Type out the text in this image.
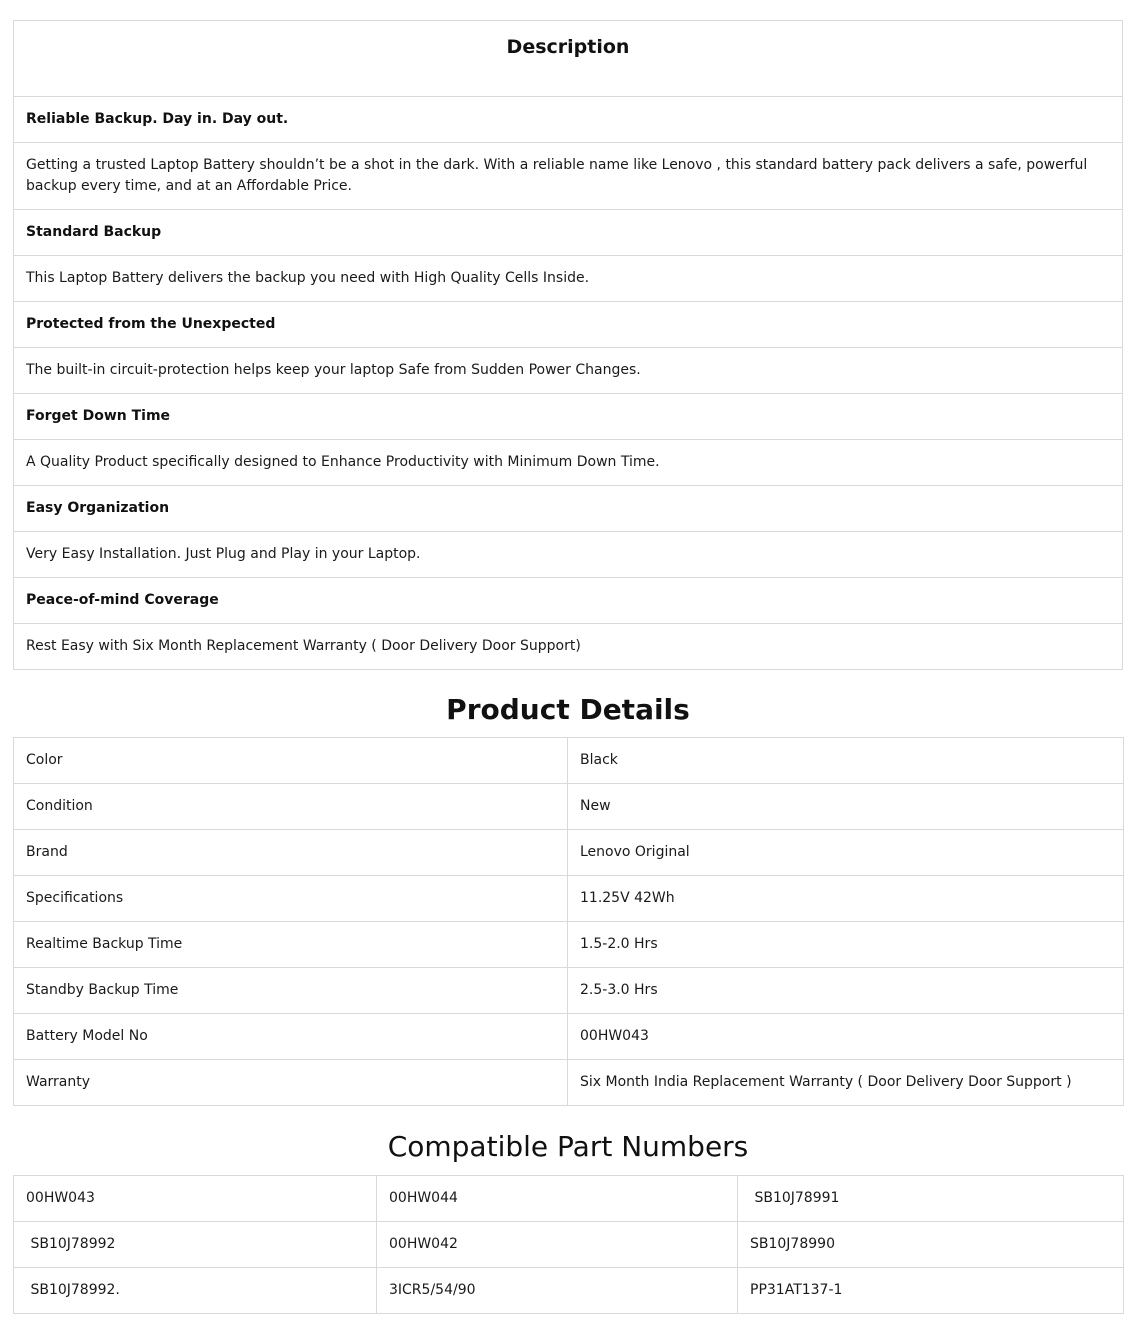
Description

Reliable Backup. Day in. Day out.
Getting a trusted Laptop Battery shouldn’t be a shot in the dark. With a reliable name like Lenovo , this standard battery pack delivers a safe, powerful backup every time, and at an Affordable Price.
Standard Backup
This Laptop Battery delivers the backup you need with High Quality Cells Inside.
Protected from the Unexpected
The built-in circuit-protection helps keep your laptop Safe from Sudden Power Changes.
Forget Down Time
A Quality Product specifically designed to Enhance Productivity with Minimum Down Time.
Easy Organization
Very Easy Installation. Just Plug and Play in your Laptop.
Peace-of-mind Coverage
Rest Easy with Six Month Replacement Warranty ( Door Delivery Door Support)
Product Details
Color	Black
Condition	New
Brand	Lenovo Original
Specifications	11.25V 42Wh
Realtime Backup Time	1.5-2.0 Hrs
Standby Backup Time	2.5-3.0 Hrs
Battery Model No	00HW043
Warranty	Six Month India Replacement Warranty ( Door Delivery Door Support )
Compatible Part Numbers
00HW043	00HW044	SB10J78991
SB10J78992	00HW042	SB10J78990
SB10J78992.	3ICR5/54/90	PP31AT137-1
